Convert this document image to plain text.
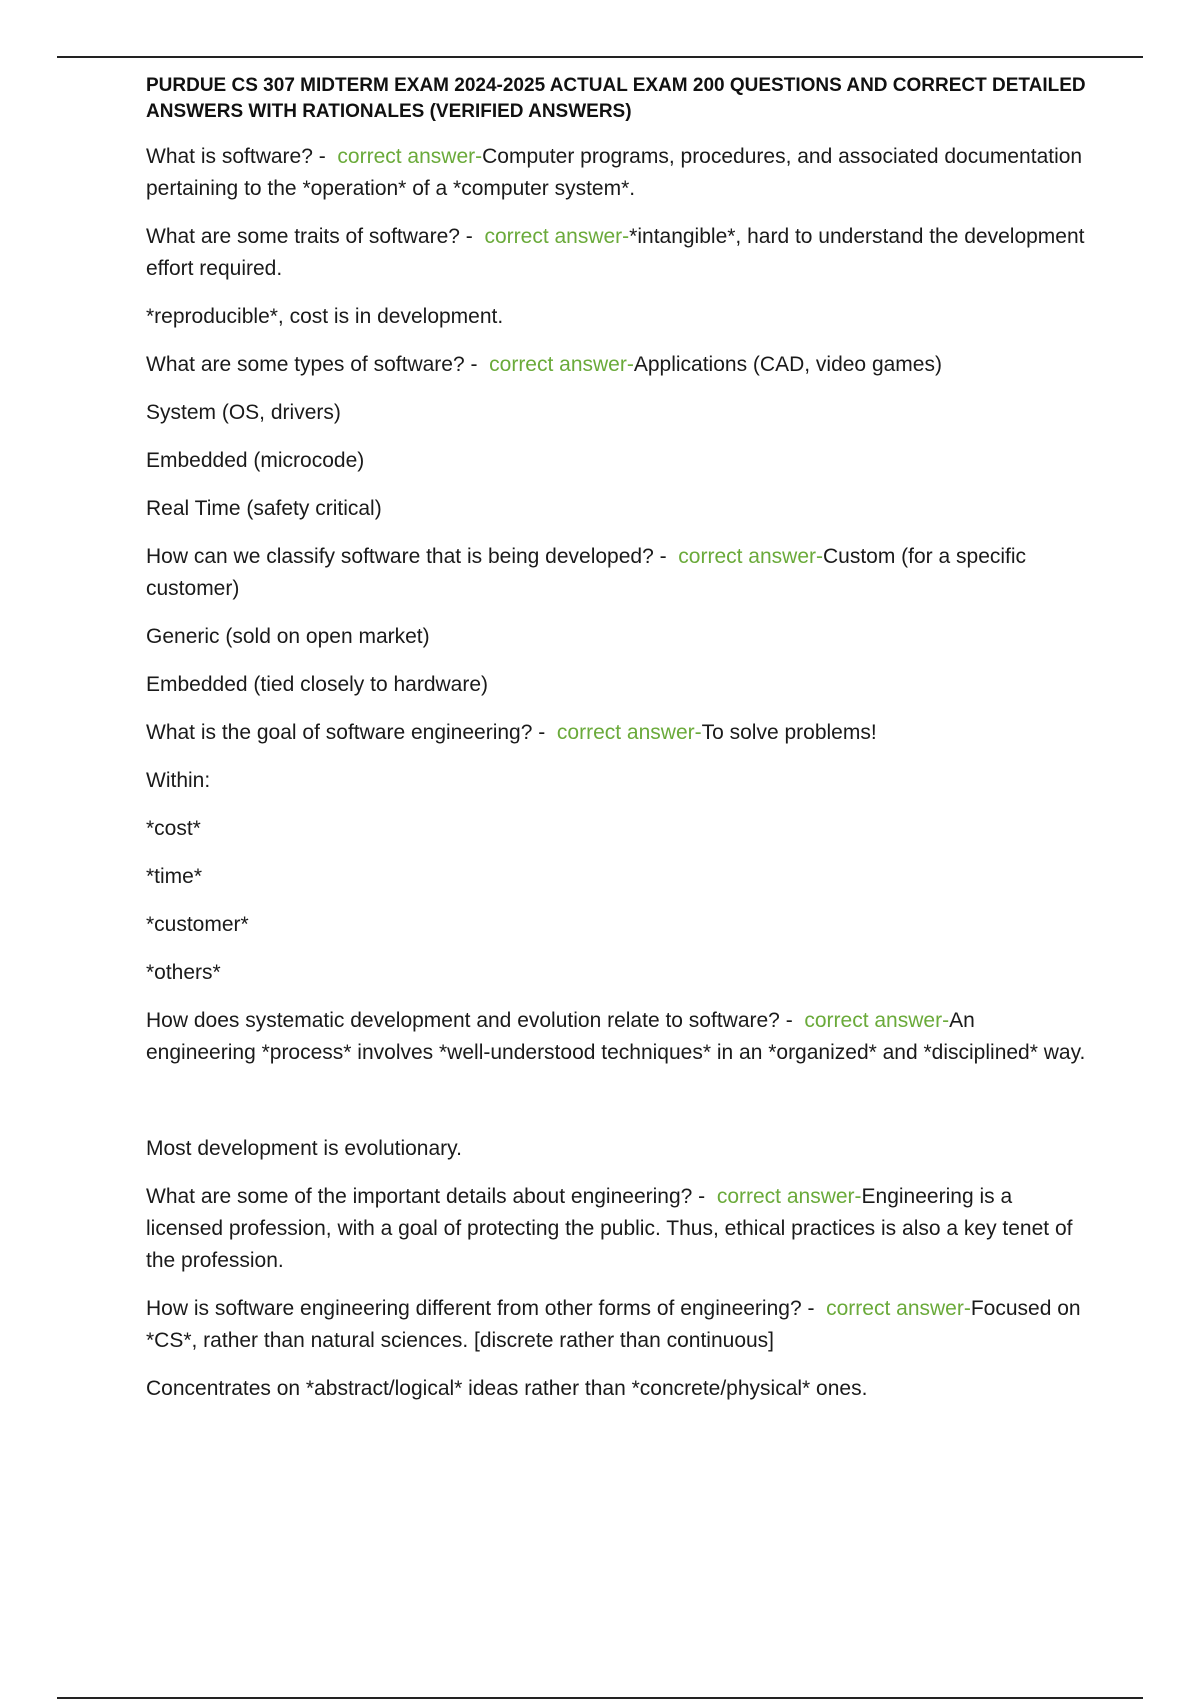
PURDUE CS 307 MIDTERM EXAM 2024-2025 ACTUAL EXAM 200 QUESTIONS AND CORRECT DETAILED ANSWERS WITH RATIONALES (VERIFIED ANSWERS)

What is software? -  correct answer-Computer programs, procedures, and associated documentation pertaining to the *operation* of a *computer system*.

What are some traits of software? -  correct answer-*intangible*, hard to understand the development effort required.

*reproducible*, cost is in development.

What are some types of software? -  correct answer-Applications (CAD, video games)

System (OS, drivers)

Embedded (microcode)

Real Time (safety critical)

How can we classify software that is being developed? -  correct answer-Custom (for a specific customer)

Generic (sold on open market)

Embedded (tied closely to hardware)

What is the goal of software engineering? -  correct answer-To solve problems!

Within:

*cost*

*time*

*customer*

*others*

How does systematic development and evolution relate to software? -  correct answer-An engineering *process* involves *well-understood techniques* in an *organized* and *disciplined* way.

Most development is evolutionary.

What are some of the important details about engineering? -  correct answer-Engineering is a licensed profession, with a goal of protecting the public. Thus, ethical practices is also a key tenet of the profession.

How is software engineering different from other forms of engineering? -  correct answer-Focused on *CS*, rather than natural sciences. [discrete rather than continuous]

Concentrates on *abstract/logical* ideas rather than *concrete/physical* ones.
